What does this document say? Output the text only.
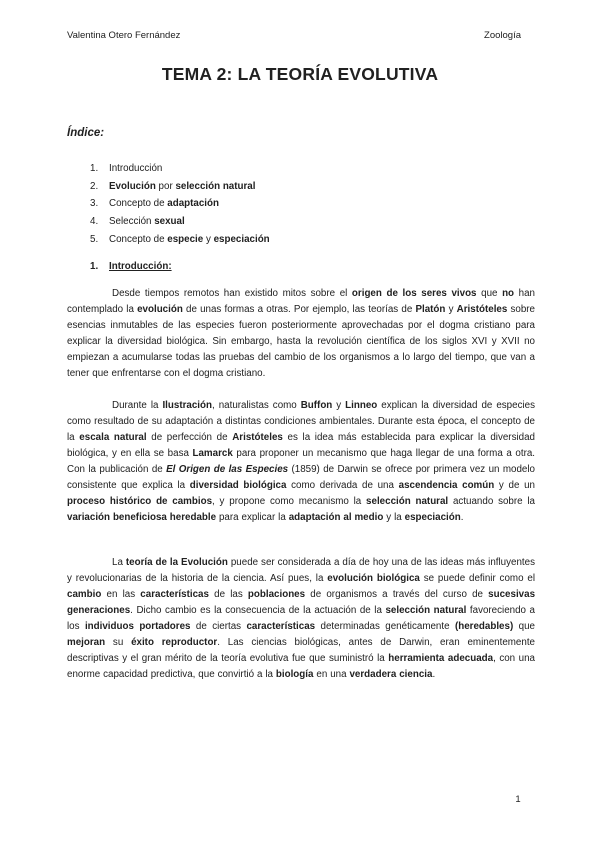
Valentina Otero Fernández	Zoología
TEMA 2: LA TEORÍA EVOLUTIVA
Índice:
1.	Introducción
2.	Evolución por selección natural
3.	Concepto de adaptación
4.	Selección sexual
5.	Concepto de especie y especiación
1.	Introducción:

Desde tiempos remotos han existido mitos sobre el origen de los seres vivos que no han contemplado la evolución de unas formas a otras. Por ejemplo, las teorías de Platón y Aristóteles sobre esencias inmutables de las especies fueron posteriormente aprovechadas por el dogma cristiano para explicar la diversidad biológica. Sin embargo, hasta la revolución científica de los siglos XVI y XVII no empiezan a acumularse todas las pruebas del cambio de los organismos a lo largo del tiempo, que van a tener que enfrentarse con el dogma cristiano.

Durante la Ilustración, naturalistas como Buffon y Linneo explican la diversidad de especies como resultado de su adaptación a distintas condiciones ambientales. Durante esta época, el concepto de la escala natural de perfección de Aristóteles es la idea más establecida para explicar la diversidad biológica, y en ella se basa Lamarck para proponer un mecanismo que haga llegar de una forma a otra. Con la publicación de El Origen de las Especies (1859) de Darwin se ofrece por primera vez un modelo consistente que explica la diversidad biológica como derivada de una ascendencia común y de un proceso histórico de cambios, y propone como mecanismo la selección natural actuando sobre la variación beneficiosa heredable para explicar la adaptación al medio y la especiación.

La teoría de la Evolución puede ser considerada a día de hoy una de las ideas más influyentes y revolucionarias de la historia de la ciencia. Así pues, la evolución biológica se puede definir como el cambio en las características de las poblaciones de organismos a través del curso de sucesivas generaciones. Dicho cambio es la consecuencia de la actuación de la selección natural favoreciendo a los individuos portadores de ciertas características determinadas genéticamente (heredables) que mejoran su éxito reproductor. Las ciencias biológicas, antes de Darwin, eran eminentemente descriptivas y el gran mérito de la teoría evolutiva fue que suministró la herramienta adecuada, con una enorme capacidad predictiva, que convirtió a la biología en una verdadera ciencia.

1
